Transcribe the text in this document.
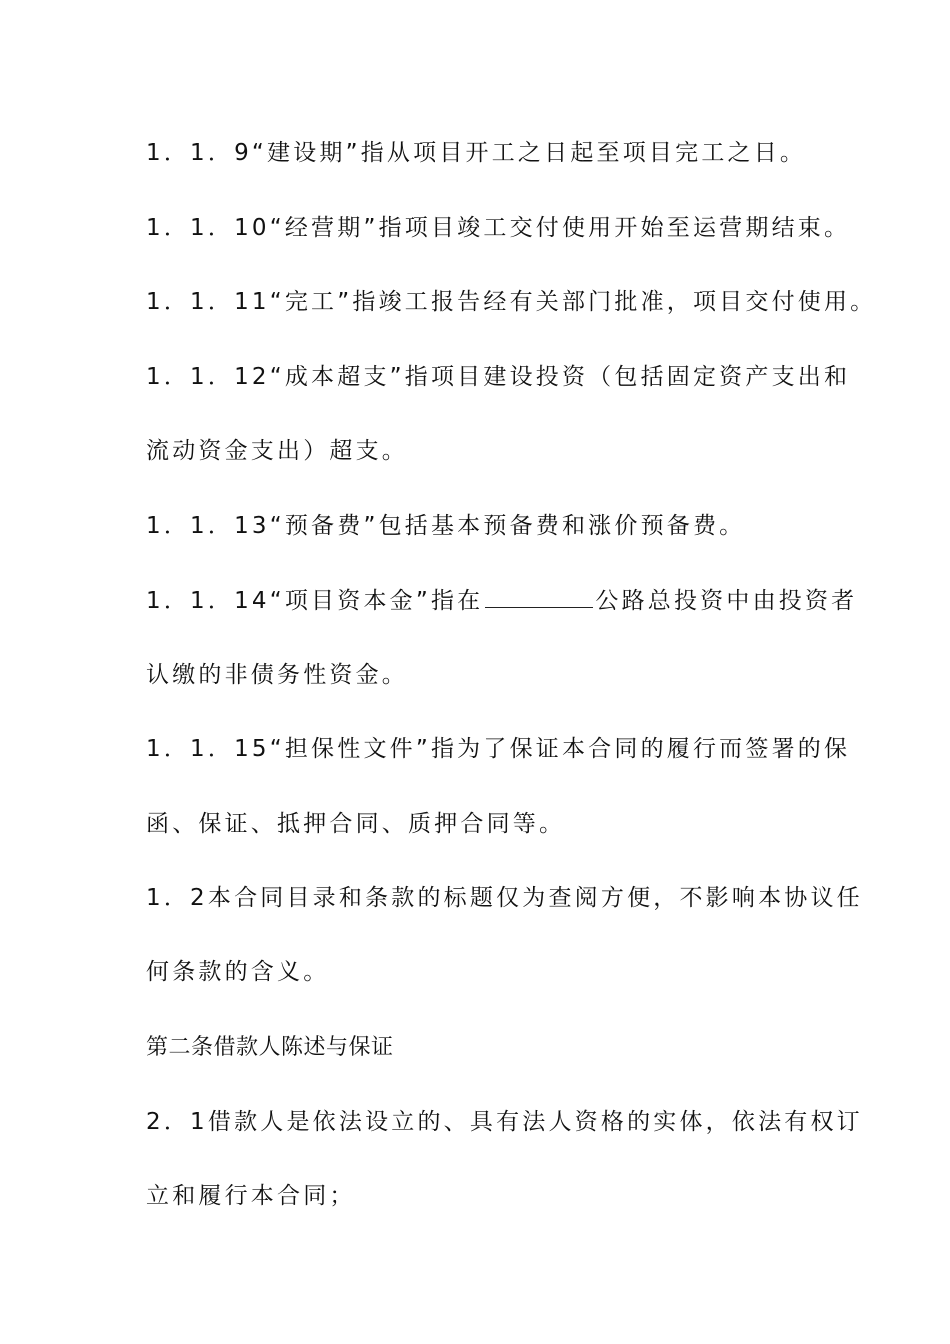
1．1．9“建设期”指从项目开工之日起至项目完工之日。
1．1．10“经营期”指项目竣工交付使用开始至运营期结束。
1．1．11“完工”指竣工报告经有关部门批准，项目交付使用。
1．1．12“成本超支”指项目建设投资（包括固定资产支出和
流动资金支出）超支。
1．1．13“预备费”包括基本预备费和涨价预备费。
1．1．14“项目资本金”指在	公路总投资中由投资者
认缴的非债务性资金。
1．1．15“担保性文件”指为了保证本合同的履行而签署的保
函、保证、抵押合同、质押合同等。
1．2本合同目录和条款的标题仅为查阅方便，不影响本协议任
何条款的含义。
第二条借款人陈述与保证
2．1借款人是依法设立的、具有法人资格的实体，依法有权订
立和履行本合同；
